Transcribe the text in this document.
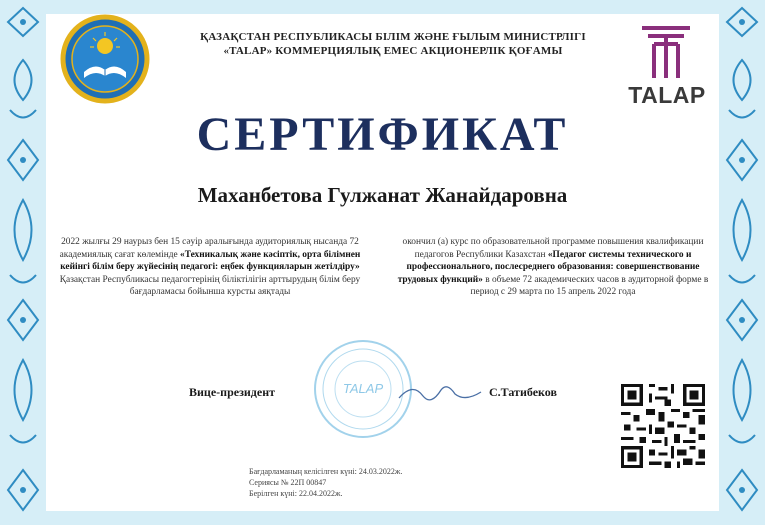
ҚАЗАҚСТАН РЕСПУБЛИКАСЫ БІЛІМ ЖӘНЕ ҒЫЛЫМ МИНИСТРЛІГІ
«TALAP» КОММЕРЦИЯЛЫҚ ЕМЕС АКЦИОНЕРЛІК ҚОҒАМЫ
TALAP
СЕРТИФИКАТ
Маханбетова Гулжанат Жанайдаровна
2022 жылғы 29 наурыз бен 15 сәуір аралығында аудиториялық нысанда 72 академиялық сағат көлемінде «Техникалық және кәсіптік, орта білімнен кейінгі білім беру жүйесінің педагогі: еңбек функцияларын жетілдіру» Қазақстан Республикасы педагогтерінің біліктілігін арттырудың білім беру бағдарламасы бойынша курсты аяқтады
окончил (а) курс по образовательной программе повышения квалификации педагогов Республики Казахстан «Педагог системы технического и профессионального, послесреднего образования: совершенствование трудовых функций» в объеме 72 академических часов в аудиторной форме в период с 29 марта по 15 апрель 2022 года
TALAP
Вице-президент	С.Татибеков
Бағдарламаның келісілген күні: 24.03.2022ж.
Сериясы № 22П 00847
Берілген күні: 22.04.2022ж.
